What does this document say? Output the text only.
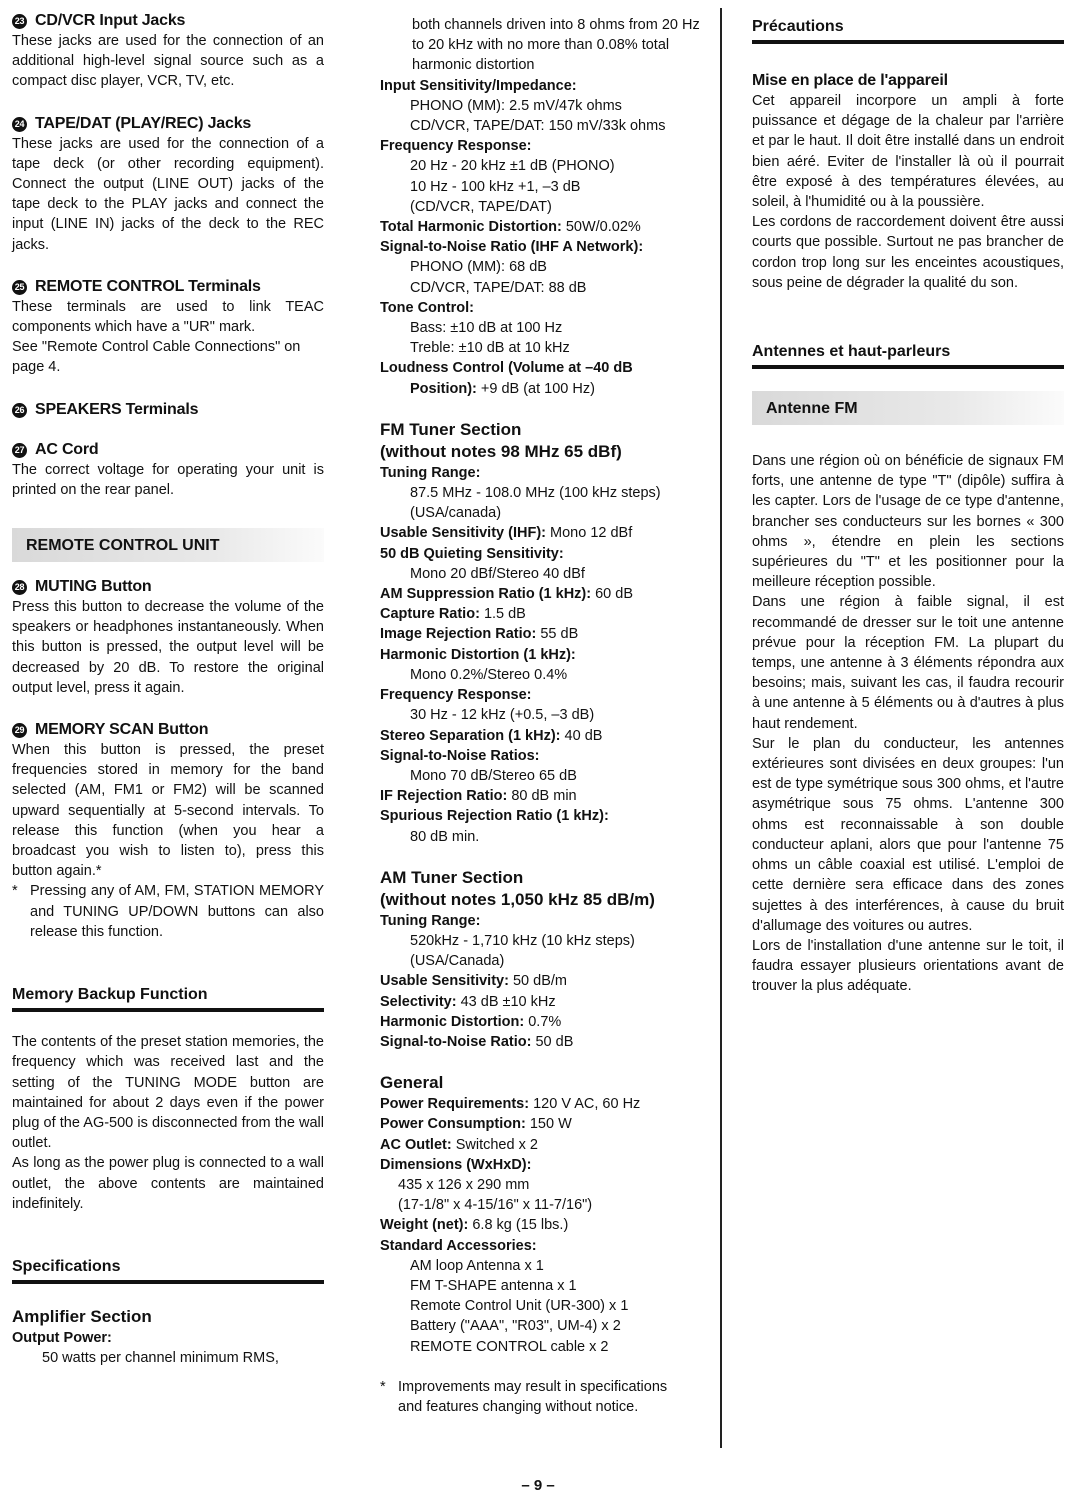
23 CD/VCR Input Jacks

These jacks are used for the connection of an additional high-level signal source such as a compact disc player, VCR, TV, etc.

24 TAPE/DAT (PLAY/REC) Jacks

These jacks are used for the connection of a tape deck (or other recording equipment). Connect the output (LINE OUT) jacks of the tape deck to the PLAY jacks and connect the input (LINE IN) jacks of the deck to the REC jacks.

25 REMOTE CONTROL Terminals

These terminals are used to link TEAC components which have a "UR" mark.

See "Remote Control Cable Connections" on page 4.

26 SPEAKERS Terminals

27 AC Cord

The correct voltage for operating your unit is printed on the rear panel.

REMOTE CONTROL UNIT

28 MUTING Button

Press this button to decrease the volume of the speakers or headphones instantaneously. When this button is pressed, the output level will be decreased by 20 dB. To restore the original output level, press it again.

29 MEMORY SCAN Button

When this button is pressed, the preset frequencies stored in memory for the band selected (AM, FM1 or FM2) will be scanned upward sequentially at 5-second intervals. To release this function (when you hear a broadcast you wish to listen to), press this button again.*

* Pressing any of AM, FM, STATION MEMORY and TUNING UP/DOWN buttons can also release this function.

Memory Backup Function

The contents of the preset station memories, the frequency which was received last and the setting of the TUNING MODE button are maintained for about 2 days even if the power plug of the AG-500 is disconnected from the wall outlet.

As long as the power plug is connected to a wall outlet, the above contents are maintained indefinitely.

Specifications

Amplifier Section

Output Power:

50 watts per channel minimum RMS,

both channels driven into 8 ohms from 20 Hz to 20 kHz with no more than 0.08% total harmonic distortion

Input Sensitivity/Impedance:

PHONO (MM): 2.5 mV/47k ohms

CD/VCR, TAPE/DAT: 150 mV/33k ohms

Frequency Response:

20 Hz - 20 kHz ±1 dB (PHONO)

10 Hz - 100 kHz +1, –3 dB

(CD/VCR, TAPE/DAT)

Total Harmonic Distortion: 50W/0.02%

Signal-to-Noise Ratio (IHF A Network):

PHONO (MM): 68 dB

CD/VCR, TAPE/DAT: 88 dB

Tone Control:

Bass: ±10 dB at 100 Hz

Treble: ±10 dB at 10 kHz

Loudness Control (Volume at –40 dB

Position): +9 dB (at 100 Hz)

FM Tuner Section

(without notes 98 MHz 65 dBf)

Tuning Range:

87.5 MHz - 108.0 MHz (100 kHz steps)

(USA/canada)

Usable Sensitivity (IHF): Mono 12 dBf

50 dB Quieting Sensitivity:

Mono 20 dBf/Stereo 40 dBf

AM Suppression Ratio (1 kHz): 60 dB

Capture Ratio: 1.5 dB

Image Rejection Ratio: 55 dB

Harmonic Distortion (1 kHz):

Mono 0.2%/Stereo 0.4%

Frequency Response:

30 Hz - 12 kHz (+0.5, –3 dB)

Stereo Separation (1 kHz): 40 dB

Signal-to-Noise Ratios:

Mono 70 dB/Stereo 65 dB

IF Rejection Ratio: 80 dB min

Spurious Rejection Ratio (1 kHz):

80 dB min.

AM Tuner Section

(without notes 1,050 kHz 85 dB/m)

Tuning Range:

520kHz - 1,710 kHz (10 kHz steps)

(USA/Canada)

Usable Sensitivity: 50 dB/m

Selectivity: 43 dB ±10 kHz

Harmonic Distortion: 0.7%

Signal-to-Noise Ratio: 50 dB

General

Power Requirements: 120 V AC, 60 Hz

Power Consumption: 150 W

AC Outlet: Switched x 2

Dimensions (WxHxD):

435 x 126 x 290 mm

(17-1/8" x 4-15/16" x 11-7/16")

Weight (net): 6.8 kg (15 lbs.)

Standard Accessories:

AM loop Antenna x 1

FM T-SHAPE antenna x 1

Remote Control Unit (UR-300) x 1

Battery ("AAA", "R03", UM-4) x 2

REMOTE CONTROL cable x 2

* Improvements may result in specifications and features changing without notice.

Précautions

Mise en place de l'appareil

Cet appareil incorpore un ampli à forte puissance et dégage de la chaleur par l'arrière et par le haut. Il doit être installé dans un endroit bien aéré. Eviter de l'installer là où il pourrait être exposé à des températures élevées, au soleil, à l'humidité ou à la poussière.

Les cordons de raccordement doivent être aussi courts que possible. Surtout ne pas brancher de cordon trop long sur les enceintes acoustiques, sous peine de dégrader la qualité du son.

Antennes et haut-parleurs

Antenne FM

Dans une région où on bénéficie de signaux FM forts, une antenne de type "T" (dipôle) suffira à les capter. Lors de l'usage de ce type d'antenne, brancher ses conducteurs sur les bornes « 300 ohms », étendre en plein les sections supérieures du "T" et les positionner pour la meilleure réception possible.

Dans une région à faible signal, il est recommandé de dresser sur le toit une antenne prévue pour la réception FM. La plupart du temps, une antenne à 3 éléments répondra aux besoins; mais, suivant les cas, il faudra recourir à une antenne à 5 éléments ou à d'autres à plus haut rendement.

Sur le plan du conducteur, les antennes extérieures sont divisées en deux groupes: l'un est de type symétrique sous 300 ohms, et l'autre asymétrique sous 75 ohms. L'antenne 300 ohms est reconnaissable à son double conducteur aplani, alors que pour l'antenne 75 ohms un câble coaxial est utilisé. L'emploi de cette dernière sera efficace dans des zones sujettes à des interférences, à cause du bruit d'allumage des voitures ou autres.

Lors de l'installation d'une antenne sur le toit, il faudra essayer plusieurs orientations avant de trouver la plus adéquate.

– 9 –
